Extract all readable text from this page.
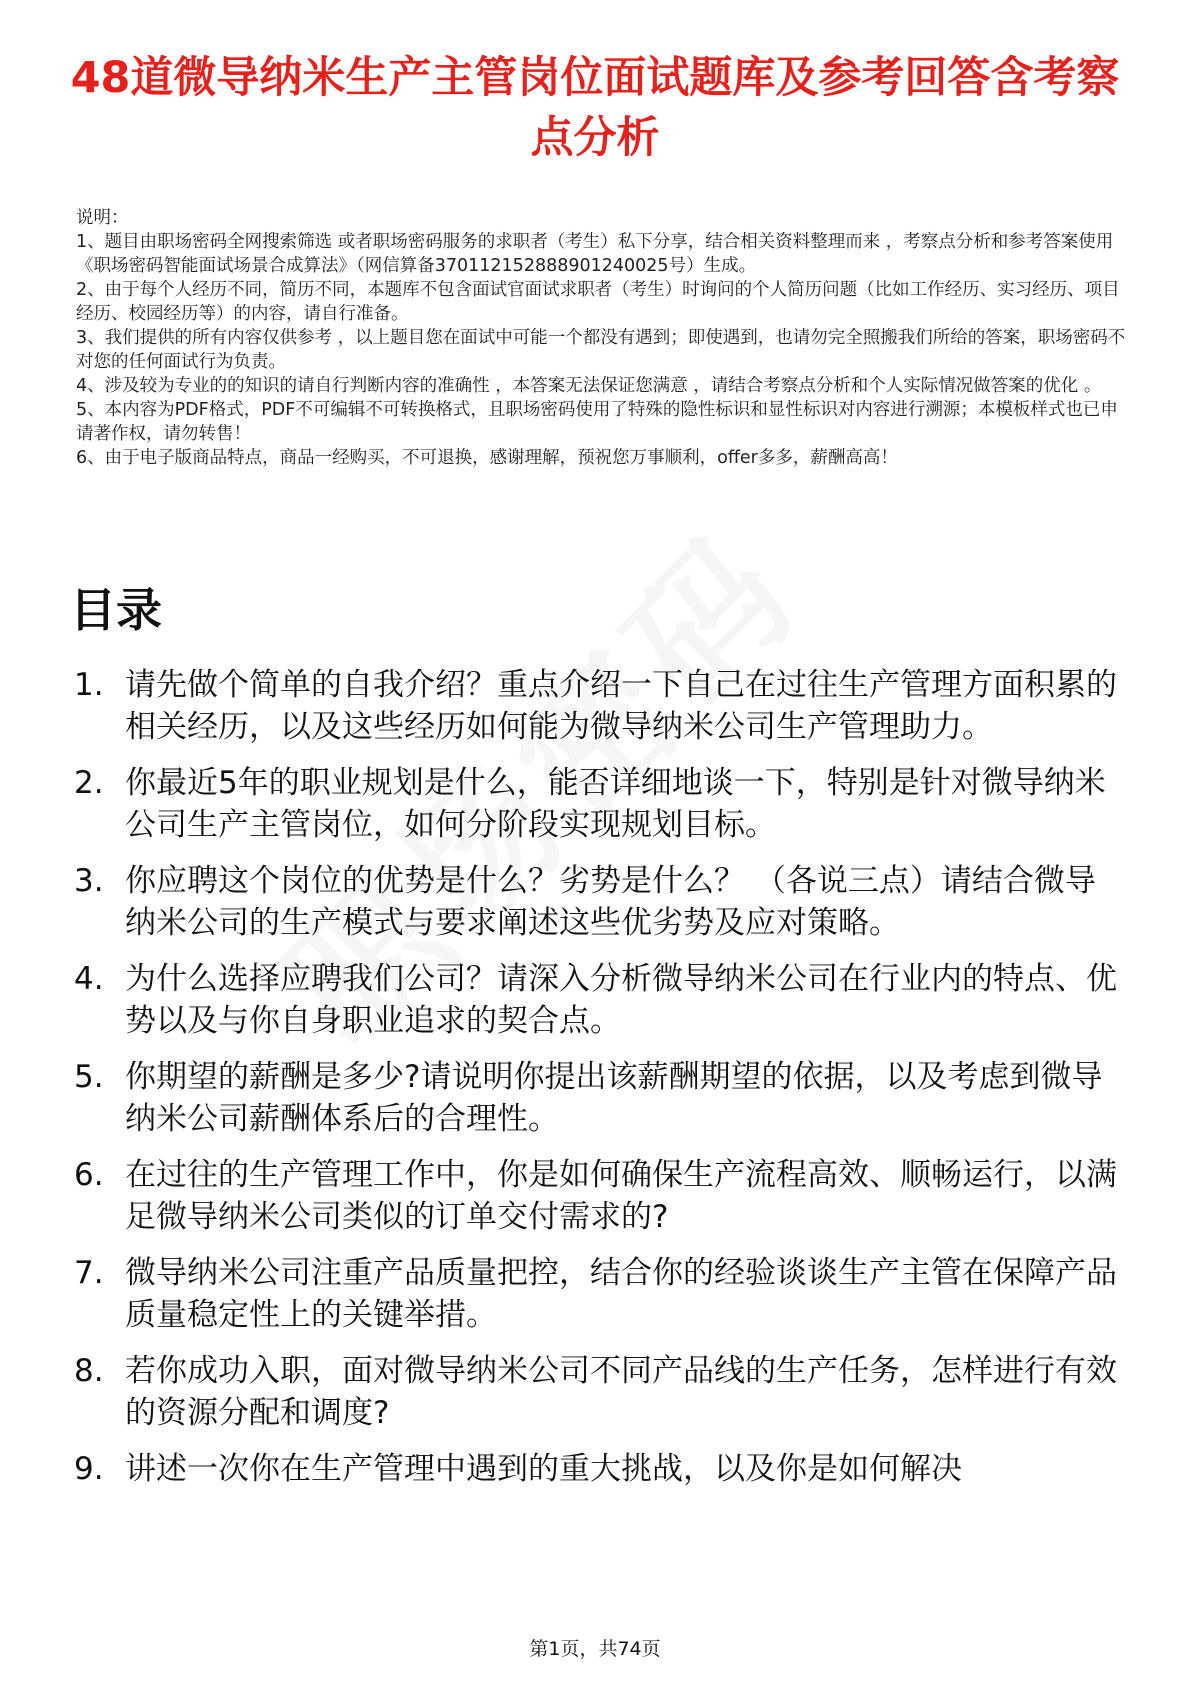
48道微导纳米生产主管岗位面试题库及参考回答含考察点分析

说明：

1、题目由职场密码全网搜索筛选 或者职场密码服务的求职者（考生）私下分享，结合相关资料整理而来 ，考察点分析和参考答案使用《职场密码智能面试场景合成算法》（网信算备370112152888901240025号）生成。

2、由于每个人经历不同，简历不同，本题库不包含面试官面试求职者（考生）时询问的个人简历问题（比如工作经历、实习经历、项目经历、校园经历等）的内容，请自行准备。

3、我们提供的所有内容仅供参考 ，以上题目您在面试中可能一个都没有遇到；即使遇到，也请勿完全照搬我们所给的答案，职场密码不对您的任何面试行为负责。

4、涉及较为专业的的知识的请自行判断内容的准确性 ，本答案无法保证您满意 ，请结合考察点分析和个人实际情况做答案的优化 。

5、本内容为PDF格式，PDF不可编辑不可转换格式，且职场密码使用了特殊的隐性标识和显性标识对内容进行溯源；本模板样式也已申请著作权，请勿转售！

6、由于电子版商品特点，商品一经购买，不可退换，感谢理解，预祝您万事顺利，offer多多，薪酬高高！

目录
1. 请先做个简单的自我介绍？重点介绍一下自己在过往生产管理方面积累的相关经历，以及这些经历如何能为微导纳米公司生产管理助力。
2. 你最近5年的职业规划是什么，能否详细地谈一下，特别是针对微导纳米公司生产主管岗位，如何分阶段实现规划目标。
3. 你应聘这个岗位的优势是什么？劣势是什么？ （各说三点）请结合微导纳米公司的生产模式与要求阐述这些优劣势及应对策略。
4. 为什么选择应聘我们公司？请深入分析微导纳米公司在行业内的特点、优势以及与你自身职业追求的契合点。
5. 你期望的薪酬是多少?请说明你提出该薪酬期望的依据，以及考虑到微导纳米公司薪酬体系后的合理性。
6. 在过往的生产管理工作中，你是如何确保生产流程高效、顺畅运行，以满足微导纳米公司类似的订单交付需求的?
7. 微导纳米公司注重产品质量把控，结合你的经验谈谈生产主管在保障产品质量稳定性上的关键举措。
8. 若你成功入职，面对微导纳米公司不同产品线的生产任务，怎样进行有效的资源分配和调度?
9. 讲述一次你在生产管理中遇到的重大挑战，以及你是如何解决
第1页，共74页
